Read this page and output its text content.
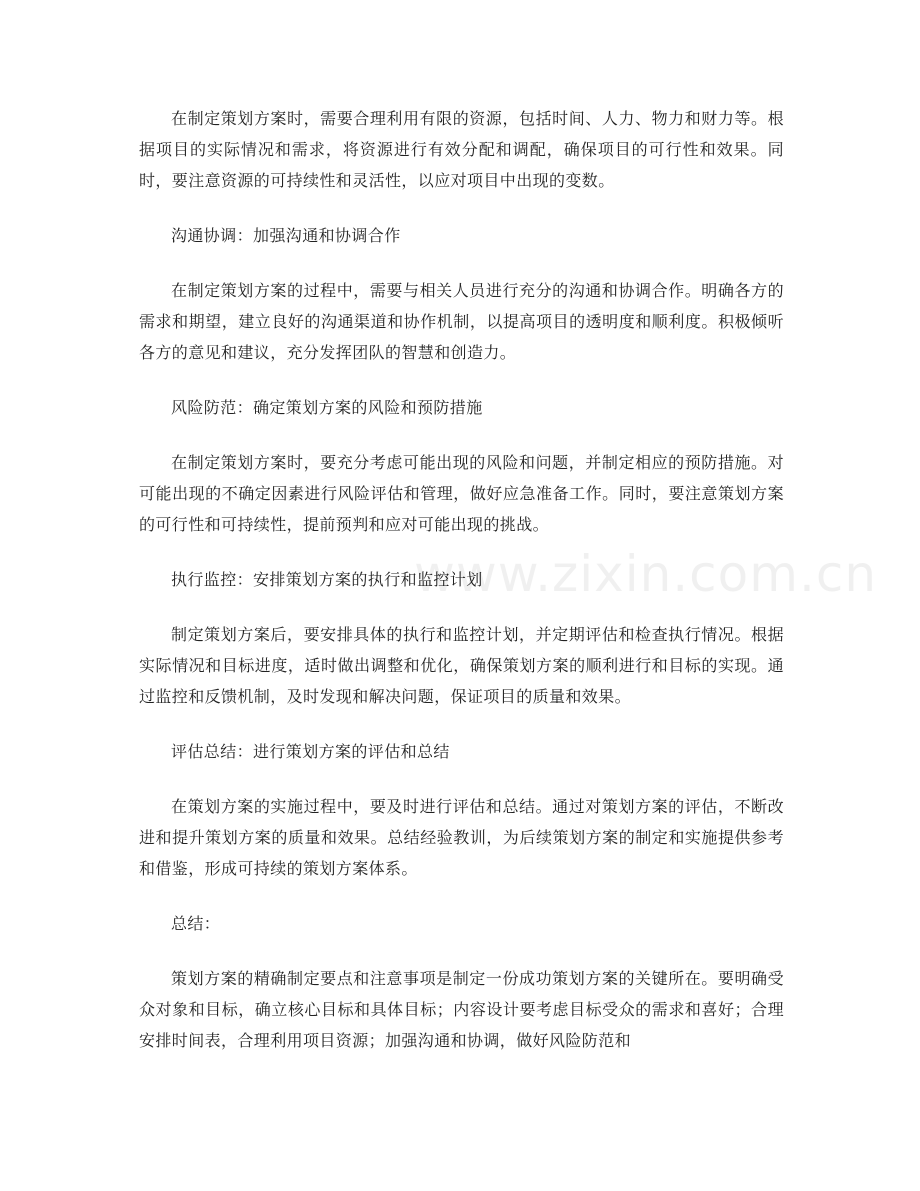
在制定策划方案时，需要合理利用有限的资源，包括时间、人力、物力和财力等。根据项目的实际情况和需求，将资源进行有效分配和调配，确保项目的可行性和效果。同时，要注意资源的可持续性和灵活性，以应对项目中出现的变数。

沟通协调：加强沟通和协调合作

在制定策划方案的过程中，需要与相关人员进行充分的沟通和协调合作。明确各方的需求和期望，建立良好的沟通渠道和协作机制，以提高项目的透明度和顺利度。积极倾听各方的意见和建议，充分发挥团队的智慧和创造力。

风险防范：确定策划方案的风险和预防措施

在制定策划方案时，要充分考虑可能出现的风险和问题，并制定相应的预防措施。对可能出现的不确定因素进行风险评估和管理，做好应急准备工作。同时，要注意策划方案的可行性和可持续性，提前预判和应对可能出现的挑战。

执行监控：安排策划方案的执行和监控计划

制定策划方案后，要安排具体的执行和监控计划，并定期评估和检查执行情况。根据实际情况和目标进度，适时做出调整和优化，确保策划方案的顺利进行和目标的实现。通过监控和反馈机制，及时发现和解决问题，保证项目的质量和效果。

评估总结：进行策划方案的评估和总结

在策划方案的实施过程中，要及时进行评估和总结。通过对策划方案的评估，不断改进和提升策划方案的质量和效果。总结经验教训，为后续策划方案的制定和实施提供参考和借鉴，形成可持续的策划方案体系。

总结：

策划方案的精确制定要点和注意事项是制定一份成功策划方案的关键所在。要明确受众对象和目标，确立核心目标和具体目标；内容设计要考虑目标受众的需求和喜好；合理安排时间表，合理利用项目资源；加强沟通和协调，做好风险防范和

www.zixin.com.cn
